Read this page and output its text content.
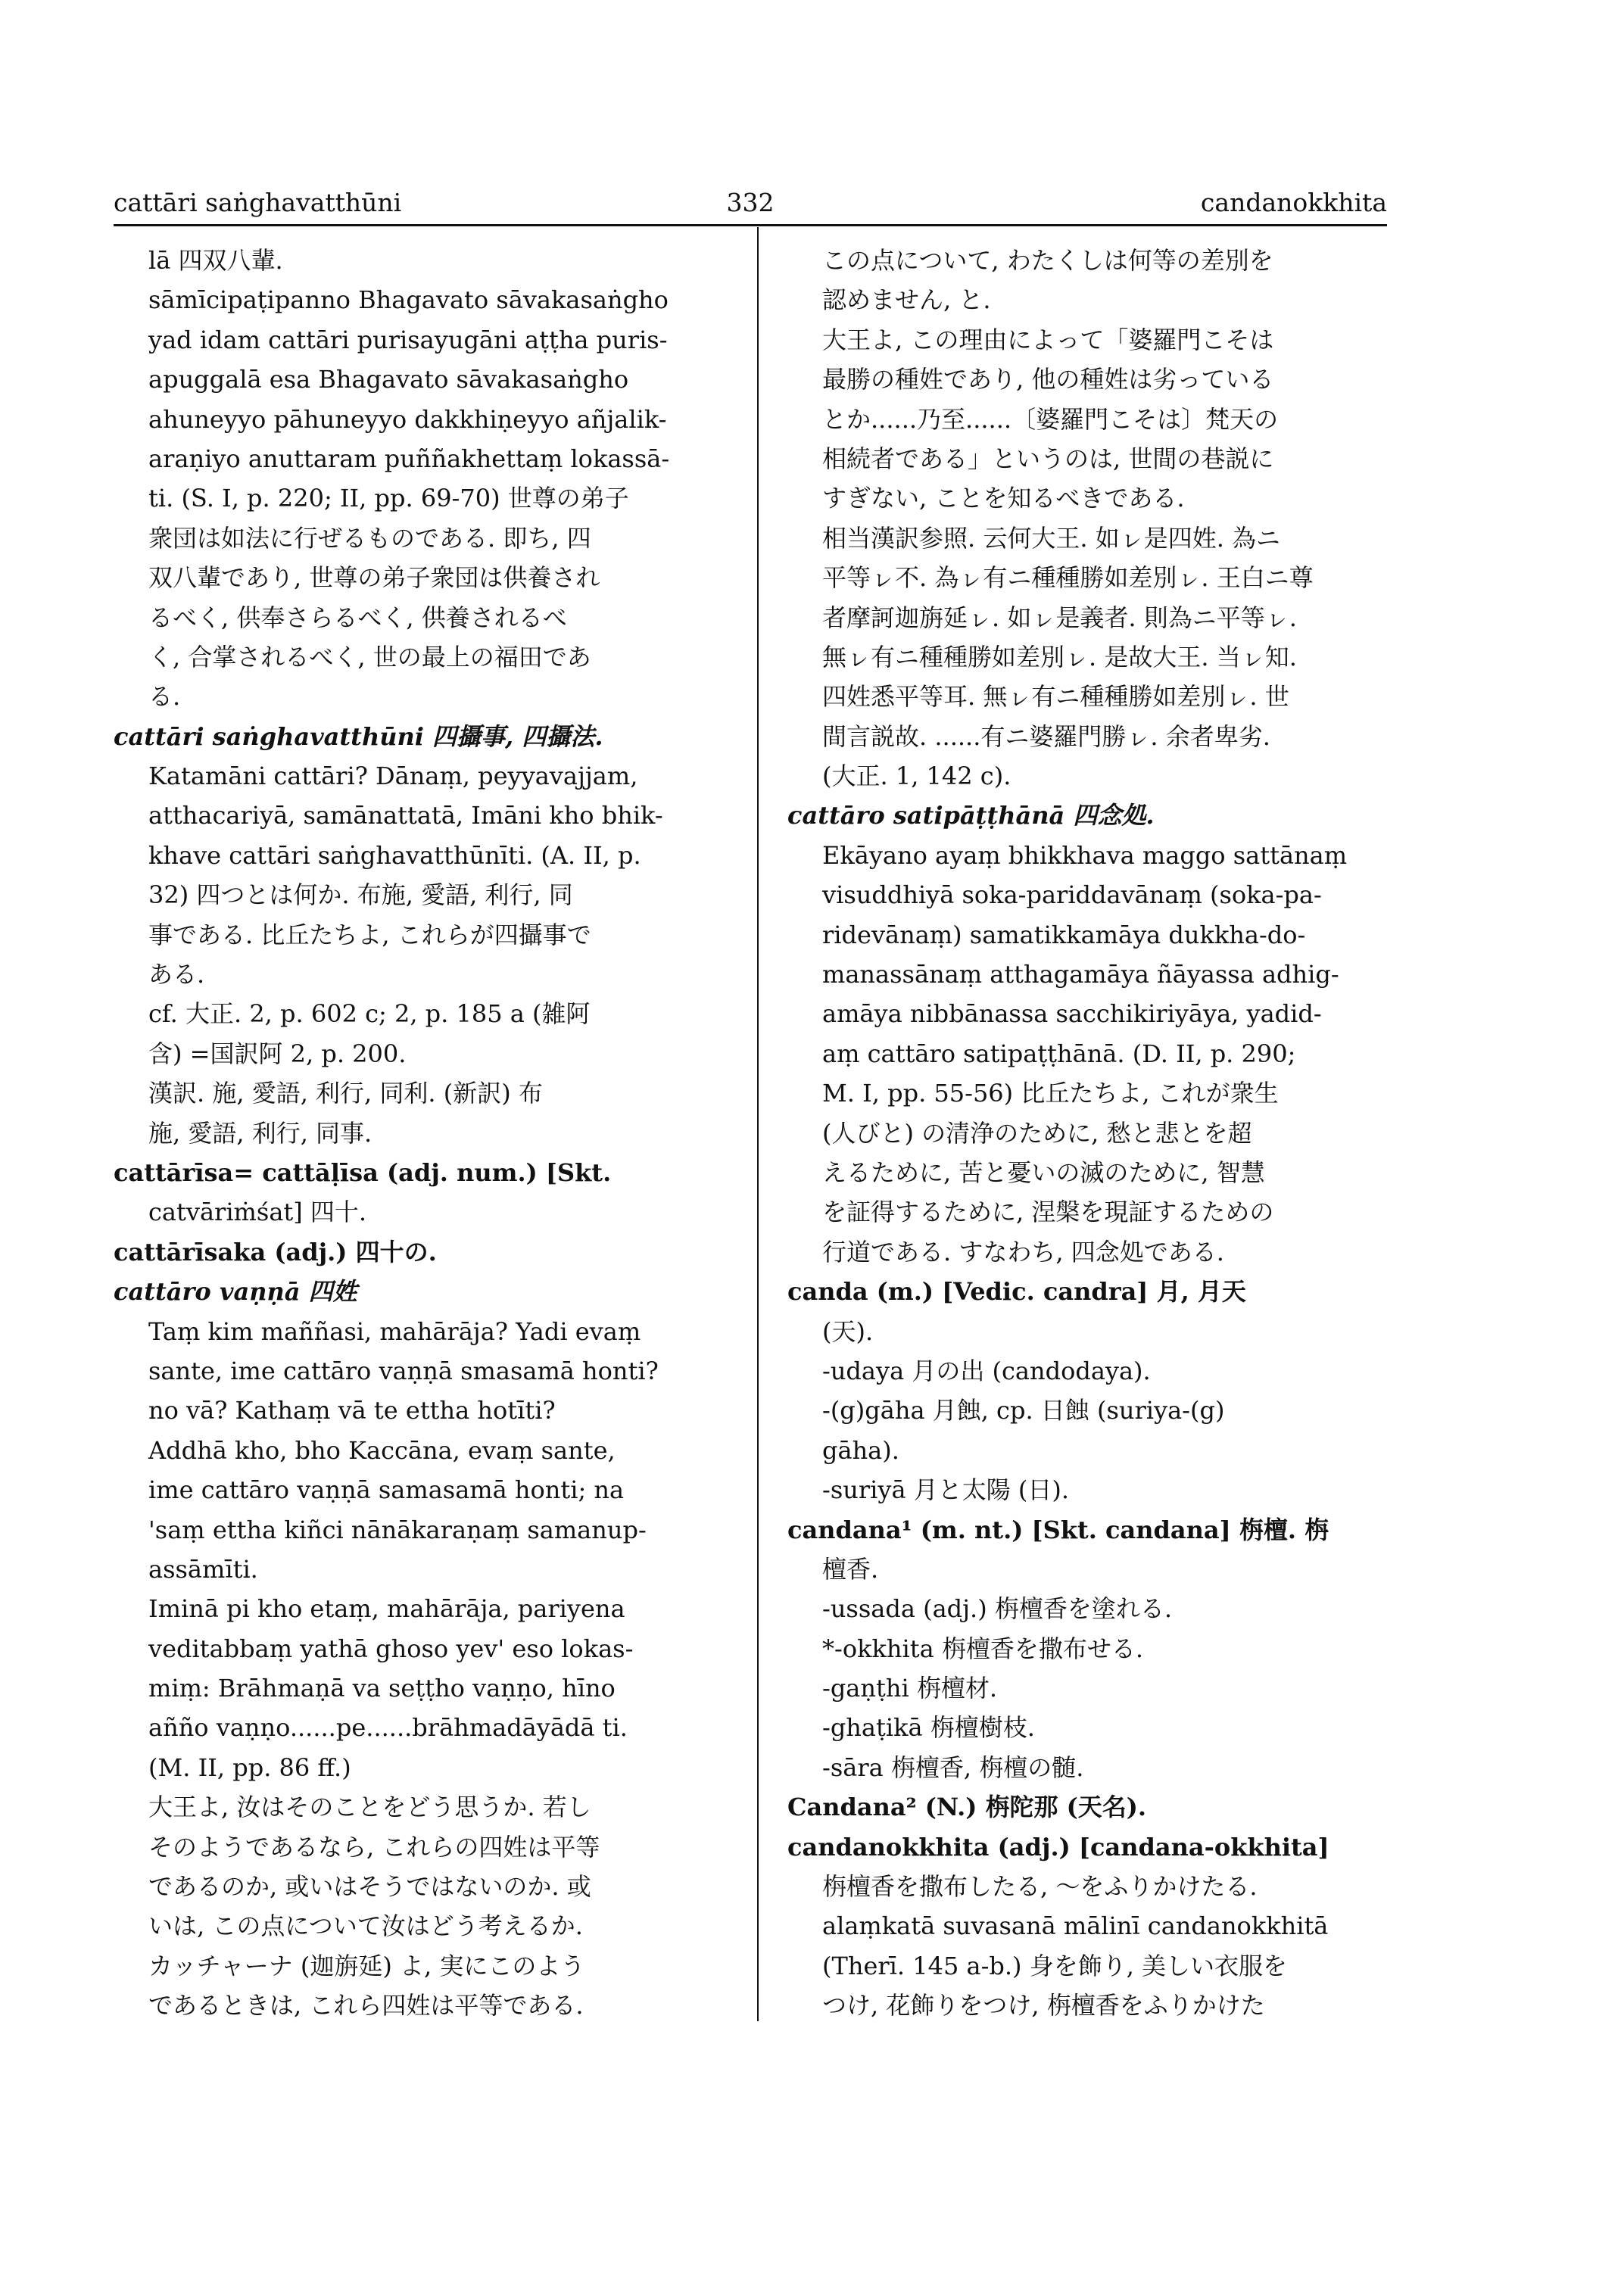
cattāri saṅghavatthūni	332	candanokkhita
lā 四双八輩.
sāmīcipaṭipanno Bhagavato sāvakasaṅgho
yad idam cattāri purisayugāni aṭṭha puris-
apuggalā esa Bhagavato sāvakasaṅgho
ahuneyyo pāhuneyyo dakkhiṇeyyo añjalik-
araṇiyo anuttaram puññakhettaṃ lokassā-
ti. (S. I, p. 220; II, pp. 69-70) 世尊の弟子
衆団は如法に行ぜるものである. 即ち, 四
双八輩であり, 世尊の弟子衆団は供養され
るべく, 供奉さらるべく, 供養されるべ
く, 合掌されるべく, 世の最上の福田であ
る.
cattāri saṅghavatthūni 四攝事, 四攝法.
Katamāni cattāri? Dānaṃ, peyyavajjam,
atthacariyā, samānattatā, Imāni kho bhik-
khave cattāri saṅghavatthūnīti. (A. II, p.
32) 四つとは何か. 布施, 愛語, 利行, 同
事である. 比丘たちよ, これらが四攝事で
ある.
cf. 大正. 2, p. 602 c; 2, p. 185 a (雑阿
含) =国訳阿 2, p. 200.
漢訳. 施, 愛語, 利行, 同利. (新訳) 布
施, 愛語, 利行, 同事.
cattārīsa= cattāḷīsa (adj. num.) [Skt.
catvāriṁśat] 四十.
cattārīsaka (adj.) 四十の.
cattāro vaṇṇā 四姓
Taṃ kim maññasi, mahārāja? Yadi evaṃ
sante, ime cattāro vaṇṇā smasamā honti?
no vā? Kathaṃ vā te ettha hotīti?
Addhā kho, bho Kaccāna, evaṃ sante,
ime cattāro vaṇṇā samasamā honti; na
'saṃ ettha kiñci nānākaraṇaṃ samanup-
assāmīti.
Iminā pi kho etaṃ, mahārāja, pariyena
veditabbaṃ yathā ghoso yev' eso lokas-
miṃ: Brāhmaṇā va seṭṭho vaṇṇo, hīno
añño vaṇṇo......pe......brāhmadāyādā ti.
(M. II, pp. 86 ff.)
大王よ, 汝はそのことをどう思うか. 若し
そのようであるなら, これらの四姓は平等
であるのか, 或いはそうではないのか. 或
いは, この点について汝はどう考えるか.
カッチャーナ (迦旃延) よ, 実にこのよう
であるときは, これら四姓は平等である.
この点について, わたくしは何等の差別を
認めません, と.
大王よ, この理由によって「婆羅門こそは
最勝の種姓であり, 他の種姓は劣っている
とか......乃至......〔婆羅門こそは〕梵天の
相続者である」というのは, 世間の巷説に
すぎない, ことを知るべきである.
相当漢訳参照. 云何大王. 如ㇾ是四姓. 為ニ
平等ㇾ不. 為ㇾ有ニ種種勝如差別ㇾ. 王白ニ尊
者摩訶迦旃延ㇾ. 如ㇾ是義者. 則為ニ平等ㇾ.
無ㇾ有ニ種種勝如差別ㇾ. 是故大王. 当ㇾ知.
四姓悉平等耳. 無ㇾ有ニ種種勝如差別ㇾ. 世
間言説故. ......有ニ婆羅門勝ㇾ. 余者卑劣.
(大正. 1, 142 c).
cattāro satipāṭṭhānā 四念処.
Ekāyano ayaṃ bhikkhava maggo sattānaṃ
visuddhiyā soka-pariddavānaṃ (soka-pa-
ridevānaṃ) samatikkamāya dukkha-do-
manassānaṃ atthagamāya ñāyassa adhig-
amāya nibbānassa sacchikiriyāya, yadid-
aṃ cattāro satipaṭṭhānā. (D. II, p. 290;
M. I, pp. 55-56) 比丘たちよ, これが衆生
(人びと) の清浄のために, 愁と悲とを超
えるために, 苦と憂いの滅のために, 智慧
を証得するために, 涅槃を現証するための
行道である. すなわち, 四念処である.
canda (m.) [Vedic. candra] 月, 月天
(天).
-udaya 月の出 (candodaya).
-(g)gāha 月蝕, cp. 日蝕 (suriya-(g)
gāha).
-suriyā 月と太陽 (日).
candana¹ (m. nt.) [Skt. candana] 栴檀. 栴
檀香.
-ussada (adj.) 栴檀香を塗れる.
*-okkhita 栴檀香を撒布せる.
-gaṇṭhi 栴檀材.
-ghaṭikā 栴檀樹枝.
-sāra 栴檀香, 栴檀の髄.
Candana² (N.) 栴陀那 (天名).
candanokkhita (adj.) [candana-okkhita]
栴檀香を撒布したる, ～をふりかけたる.
alaṃkatā suvasanā mālinī candanokkhitā
(Therī. 145 a-b.) 身を飾り, 美しい衣服を
つけ, 花飾りをつけ, 栴檀香をふりかけた
